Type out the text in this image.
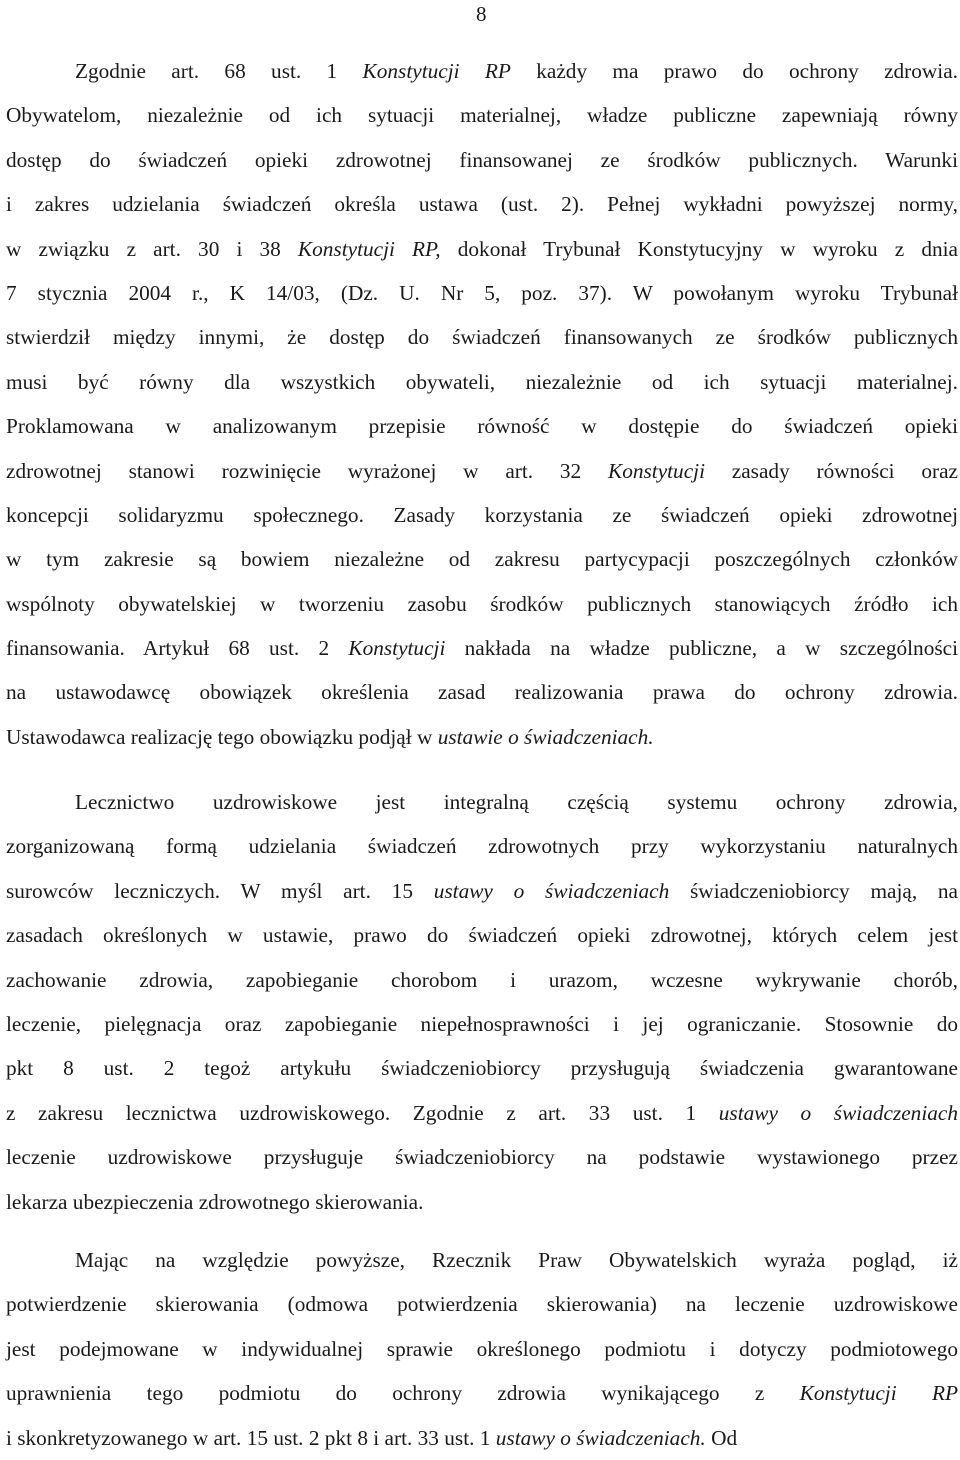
8
Zgodnie art. 68 ust. 1 Konstytucji RP każdy ma prawo do ochrony zdrowia.
Obywatelom, niezależnie od ich sytuacji materialnej, władze publiczne zapewniają równy
dostęp do świadczeń opieki zdrowotnej finansowanej ze środków publicznych. Warunki
i zakres udzielania świadczeń określa ustawa (ust. 2). Pełnej wykładni powyższej normy,
w związku z art. 30 i 38 Konstytucji RP, dokonał Trybunał Konstytucyjny w wyroku z dnia
7 stycznia 2004 r., K 14/03, (Dz. U. Nr 5, poz. 37). W powołanym wyroku Trybunał
stwierdził między innymi, że dostęp do świadczeń finansowanych ze środków publicznych
musi być równy dla wszystkich obywateli, niezależnie od ich sytuacji materialnej.
Proklamowana w analizowanym przepisie równość w dostępie do świadczeń opieki
zdrowotnej stanowi rozwinięcie wyrażonej w art. 32 Konstytucji zasady równości oraz
koncepcji solidaryzmu społecznego. Zasady korzystania ze świadczeń opieki zdrowotnej
w tym zakresie są bowiem niezależne od zakresu partycypacji poszczególnych członków
wspólnoty obywatelskiej w tworzeniu zasobu środków publicznych stanowiących źródło ich
finansowania. Artykuł 68 ust. 2 Konstytucji nakłada na władze publiczne, a w szczególności
na ustawodawcę obowiązek określenia zasad realizowania prawa do ochrony zdrowia.
Ustawodawca realizację tego obowiązku podjął w ustawie o świadczeniach.
Lecznictwo uzdrowiskowe jest integralną częścią systemu ochrony zdrowia,
zorganizowaną formą udzielania świadczeń zdrowotnych przy wykorzystaniu naturalnych
surowców leczniczych. W myśl art. 15 ustawy o świadczeniach świadczeniobiorcy mają, na
zasadach określonych w ustawie, prawo do świadczeń opieki zdrowotnej, których celem jest
zachowanie zdrowia, zapobieganie chorobom i urazom, wczesne wykrywanie chorób,
leczenie, pielęgnacja oraz zapobieganie niepełnosprawności i jej ograniczanie. Stosownie do
pkt 8 ust. 2 tegoż artykułu świadczeniobiorcy przysługują świadczenia gwarantowane
z zakresu lecznictwa uzdrowiskowego. Zgodnie z art. 33 ust. 1 ustawy o świadczeniach
leczenie uzdrowiskowe przysługuje świadczeniobiorcy na podstawie wystawionego przez
lekarza ubezpieczenia zdrowotnego skierowania.
Mając na względzie powyższe, Rzecznik Praw Obywatelskich wyraża pogląd, iż
potwierdzenie skierowania (odmowa potwierdzenia skierowania) na leczenie uzdrowiskowe
jest podejmowane w indywidualnej sprawie określonego podmiotu i dotyczy podmiotowego
uprawnienia tego podmiotu do ochrony zdrowia wynikającego z Konstytucji RP
i skonkretyzowanego w art. 15 ust. 2 pkt 8 i art. 33 ust. 1 ustawy o świadczeniach. Od
